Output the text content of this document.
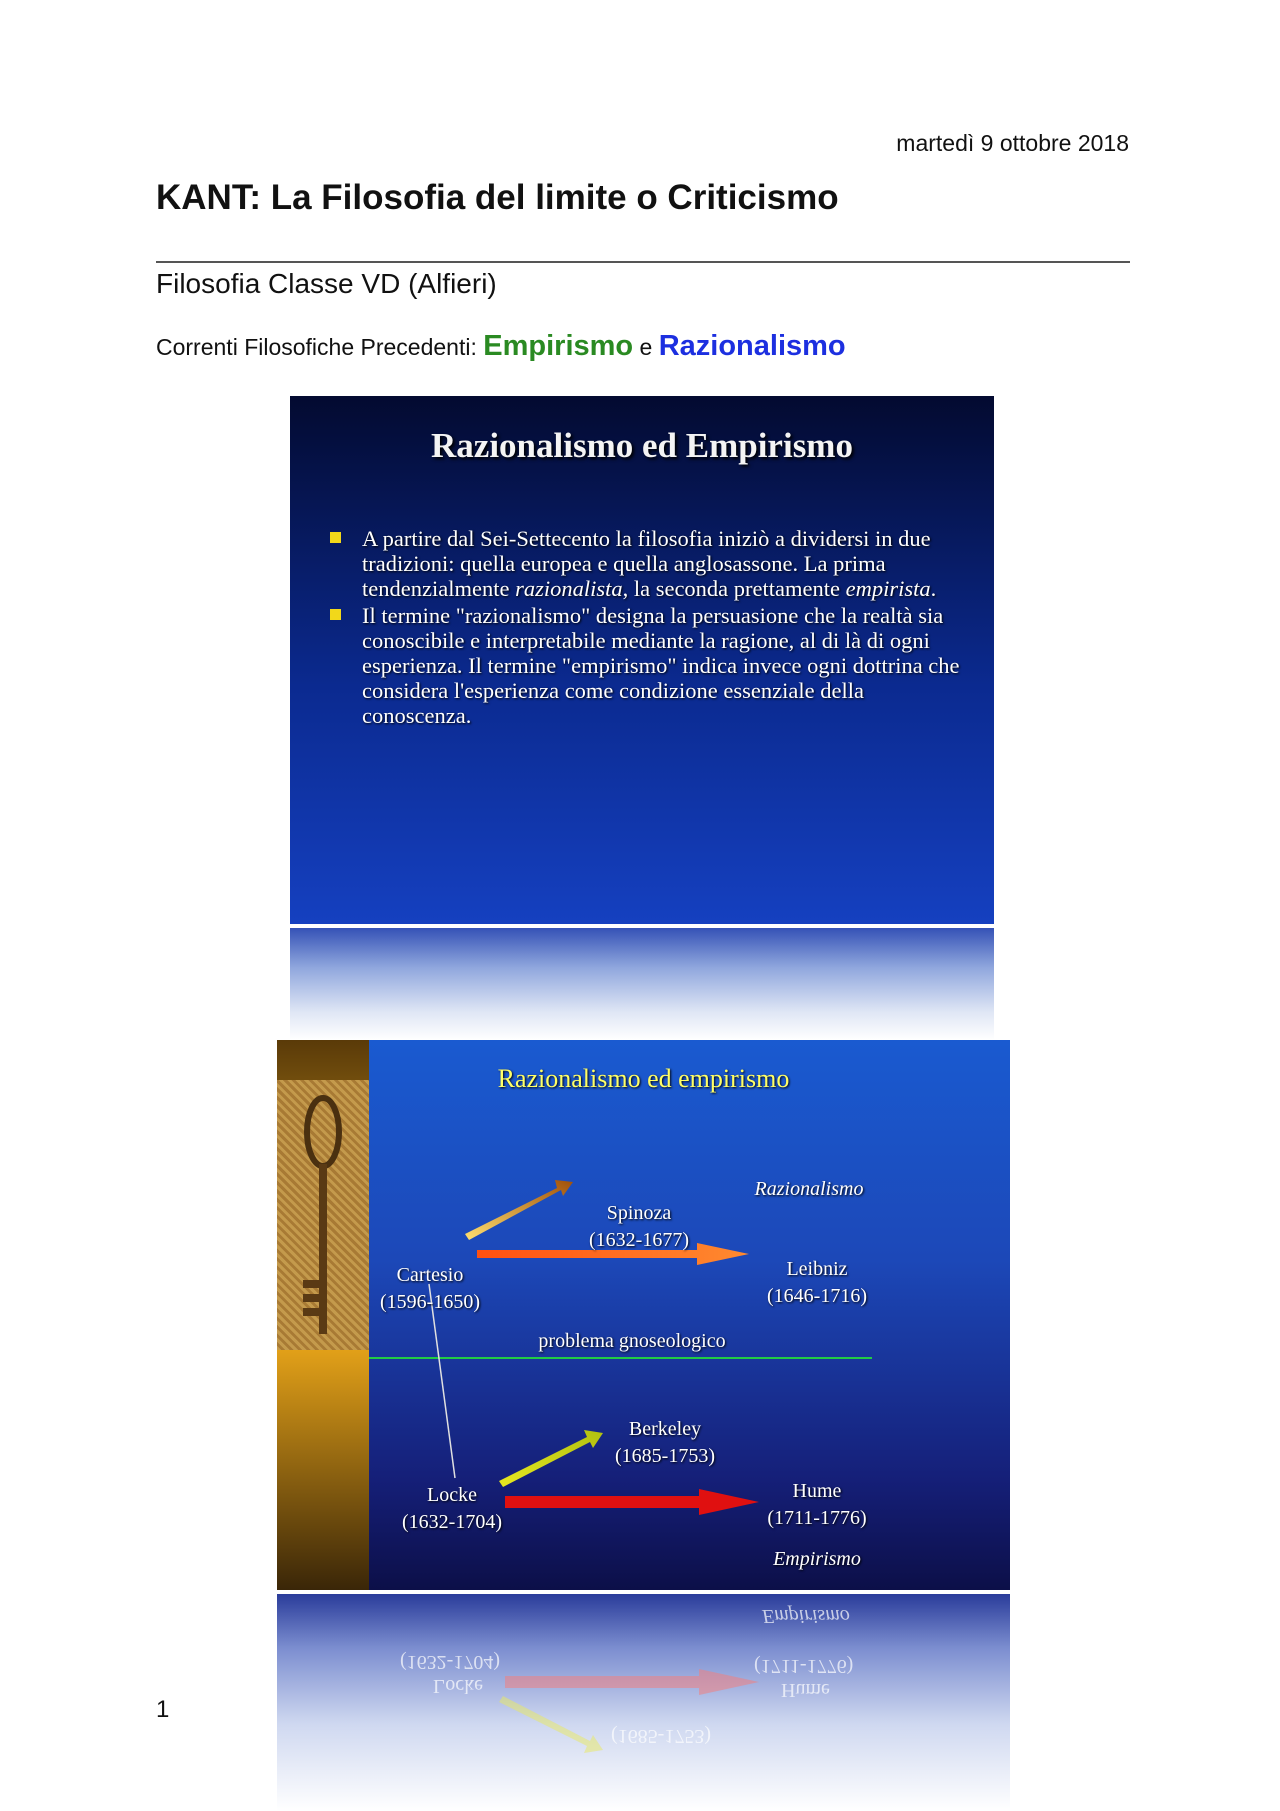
martedì 9 ottobre 2018
KANT: La Filosofia del limite o Criticismo
Filosofia Classe VD (Alfieri)
Correnti Filosofiche Precedenti: Empirismo e Razionalismo
Razionalismo ed Empirismo
A partire dal Sei-Settecento la filosofia iniziò a dividersi in due tradizioni: quella europea e quella anglosassone. La prima tendenzialmente razionalista, la seconda prettamente empirista.
Il termine "razionalismo" designa la persuasione che la realtà sia conoscibile e interpretabile mediante la ragione, al di là di ogni esperienza. Il termine "empirismo" indica invece ogni dottrina che considera l'esperienza come condizione essenziale della conoscenza.
Razionalismo ed empirismo
Razionalismo
Spinoza
(1632-1677)
Cartesio
(1596-1650)
Leibniz
(1646-1716)
problema gnoseologico
Berkeley
(1685-1753)
Locke
(1632-1704)
Hume
(1711-1776)
Empirismo
Empirismo
(1711-1776)
Hume
(1632-1704)
Locke
(1685-1753)
1
